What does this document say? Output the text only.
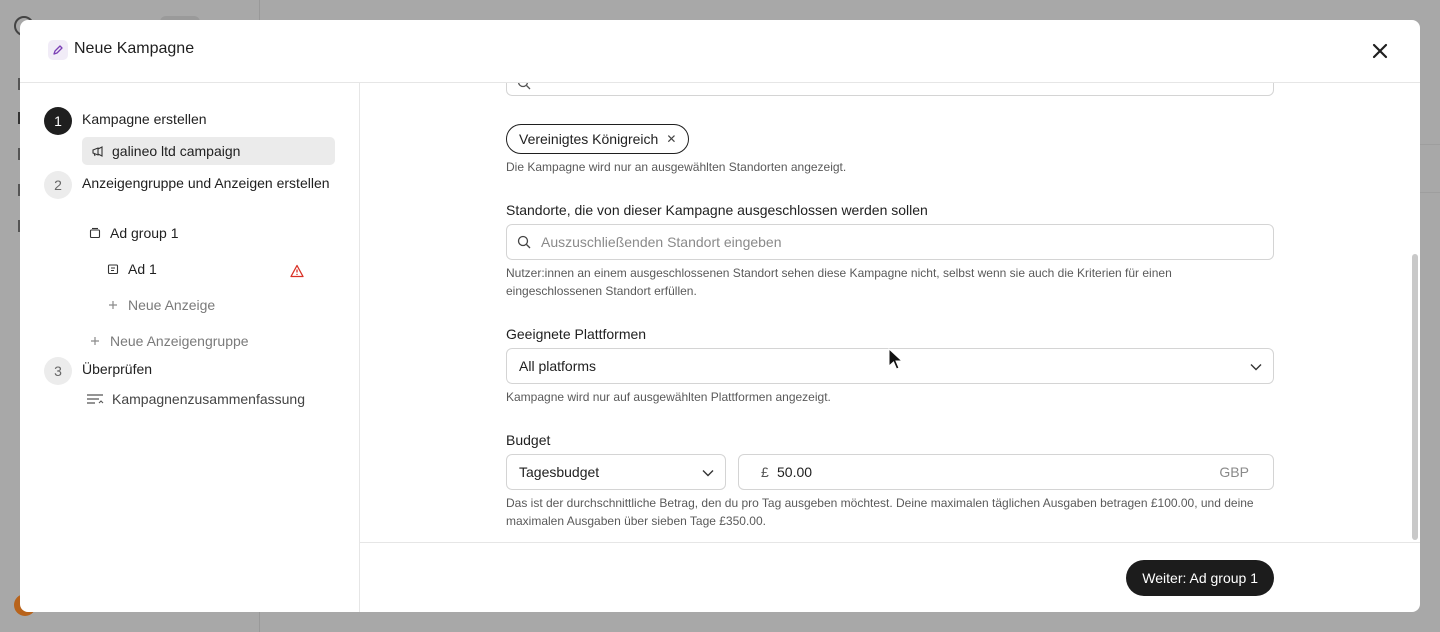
Neue Kampagne
1	Kampagne erstellen
galineo ltd campaign
2	Anzeigengruppe und Anzeigen erstellen
Ad group 1
Ad 1
Neue Anzeige
Neue Anzeigengruppe
3	Überprüfen
Kampagnenzusammenfassung
Vereinigtes Königreich ✕
Die Kampagne wird nur an ausgewählten Standorten angezeigt.
Standorte, die von dieser Kampagne ausgeschlossen werden sollen
Auszuschließenden Standort eingeben
Nutzer:innen an einem ausgeschlossenen Standort sehen diese Kampagne nicht, selbst wenn sie auch die Kriterien für einen
eingeschlossenen Standort erfüllen.
Geeignete Plattformen
All platforms
Kampagne wird nur auf ausgewählten Plattformen angezeigt.
Budget
Tagesbudget	£ 50.00	GBP
Das ist der durchschnittliche Betrag, den du pro Tag ausgeben möchtest. Deine maximalen täglichen Ausgaben betragen £100.00, und deine
maximalen Ausgaben über sieben Tage £350.00.
Weiter: Ad group 1
